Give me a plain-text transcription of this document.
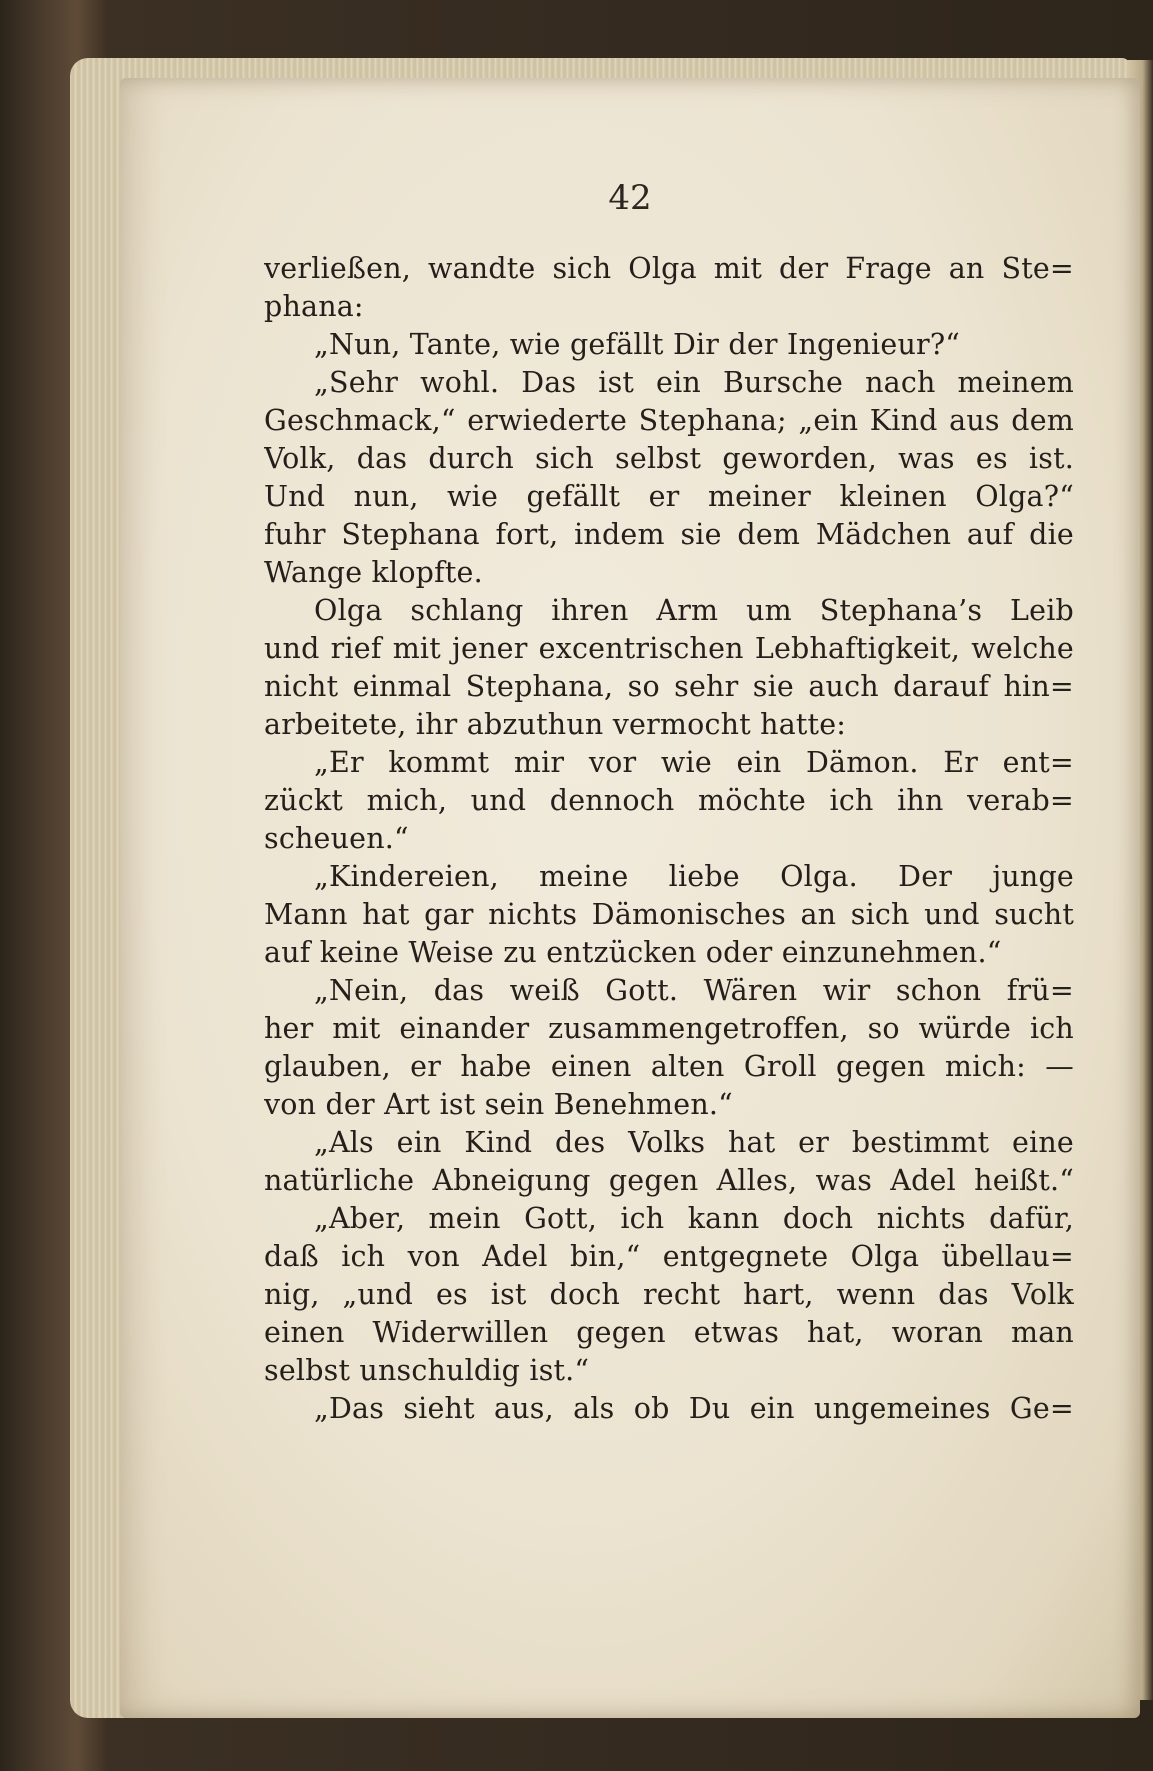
42

verließen, wandte sich Olga mit der Frage an Ste=
phana:
„Nun, Tante, wie gefällt Dir der Ingenieur?“
„Sehr wohl. Das ist ein Bursche nach meinem
Geschmack,“ erwiederte Stephana; „ein Kind aus dem
Volk, das durch sich selbst geworden, was es ist.
Und nun, wie gefällt er meiner kleinen Olga?“
fuhr Stephana fort, indem sie dem Mädchen auf die
Wange klopfte.
Olga schlang ihren Arm um Stephana’s Leib
und rief mit jener excentrischen Lebhaftigkeit, welche
nicht einmal Stephana, so sehr sie auch darauf hin=
arbeitete, ihr abzuthun vermocht hatte:
„Er kommt mir vor wie ein Dämon. Er ent=
zückt mich, und dennoch möchte ich ihn verab=
scheuen.“
„Kindereien, meine liebe Olga. Der junge
Mann hat gar nichts Dämonisches an sich und sucht
auf keine Weise zu entzücken oder einzunehmen.“
„Nein, das weiß Gott. Wären wir schon frü=
her mit einander zusammengetroffen, so würde ich
glauben, er habe einen alten Groll gegen mich: —
von der Art ist sein Benehmen.“
„Als ein Kind des Volks hat er bestimmt eine
natürliche Abneigung gegen Alles, was Adel heißt.“
„Aber, mein Gott, ich kann doch nichts dafür,
daß ich von Adel bin,“ entgegnete Olga übellau=
nig, „und es ist doch recht hart, wenn das Volk
einen Widerwillen gegen etwas hat, woran man
selbst unschuldig ist.“
„Das sieht aus, als ob Du ein ungemeines Ge=
